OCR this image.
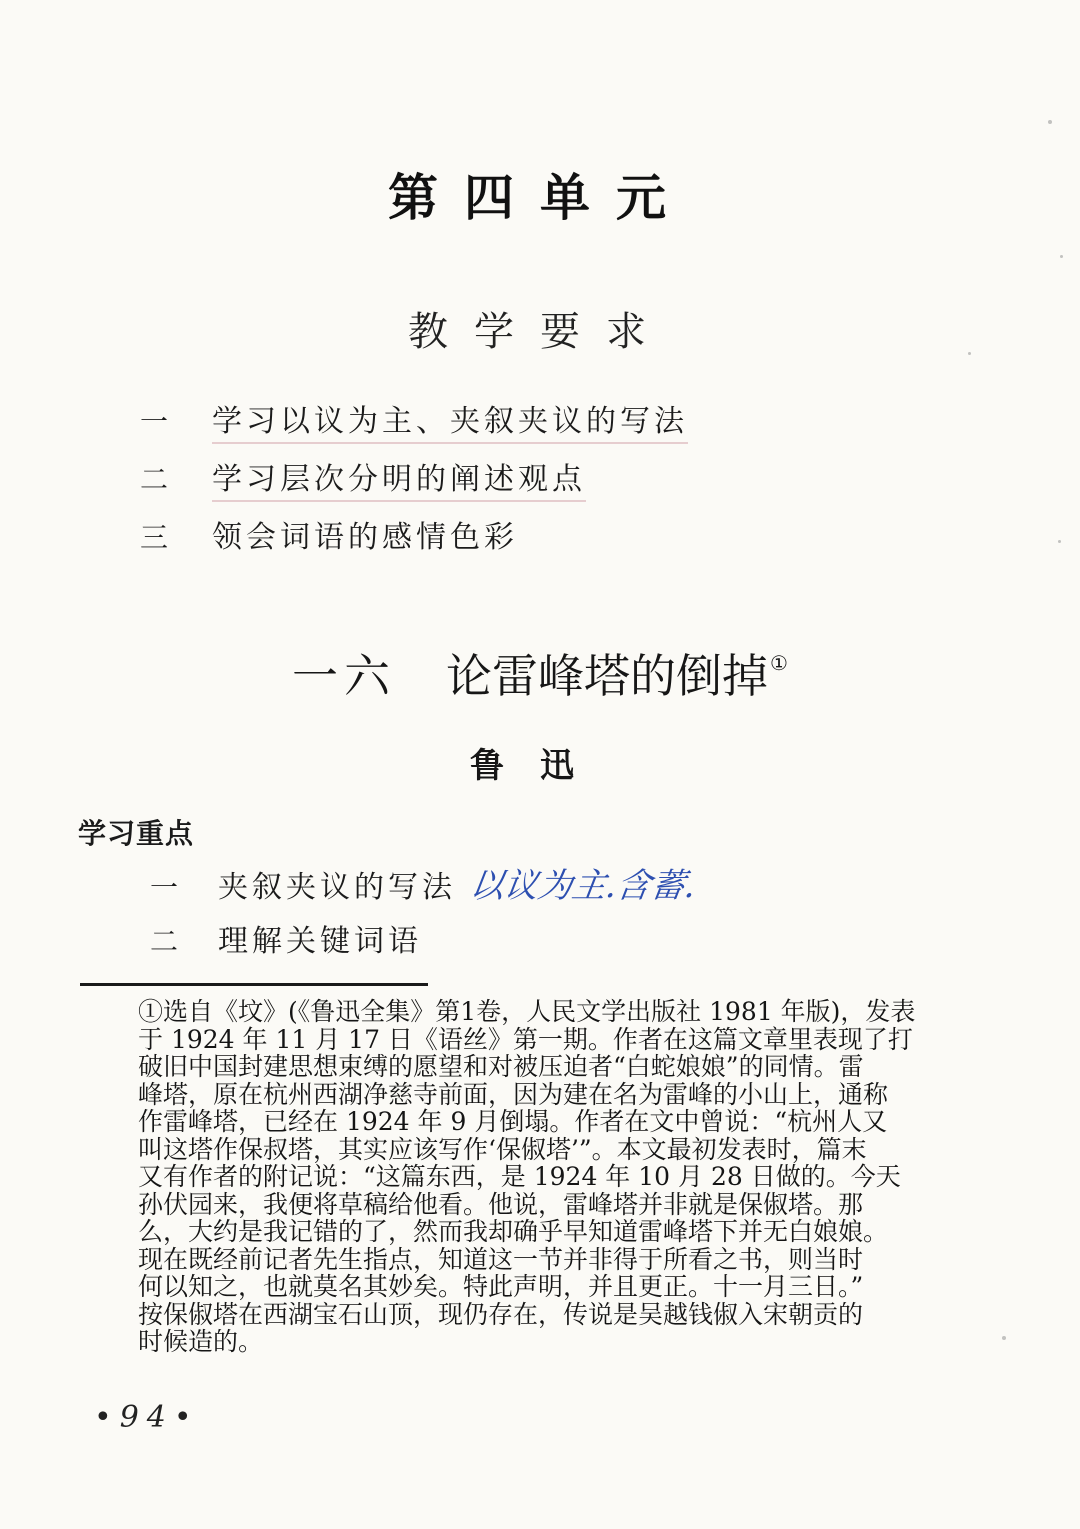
第四单元
教学要求
一 学习以议为主、夹叙夹议的写法
二 学习层次分明的阐述观点
三 领会词语的感情色彩
一六 论雷峰塔的倒掉 ①
鲁迅
学习重点
一 夹叙夹议的写法 以议为主.含蓄.
二 理解关键词语
①选自《坟》(《鲁迅全集》第1卷，人民文学出版社 1981 年版)，发表
于 1924 年 11 月 17 日《语丝》第一期。作者在这篇文章里表现了打
破旧中国封建思想束缚的愿望和对被压迫者“白蛇娘娘”的同情。雷
峰塔，原在杭州西湖净慈寺前面，因为建在名为雷峰的小山上，通称
作雷峰塔，已经在 1924 年 9 月倒塌。作者在文中曾说：“杭州人又
叫这塔作保叔塔，其实应该写作‘保俶塔’”。本文最初发表时，篇末
又有作者的附记说：“这篇东西，是 1924 年 10 月 28 日做的。今天
孙伏园来，我便将草稿给他看。他说，雷峰塔并非就是保俶塔。那
么，大约是我记错的了，然而我却确乎早知道雷峰塔下并无白娘娘。
现在既经前记者先生指点，知道这一节并非得于所看之书，则当时
何以知之，也就莫名其妙矣。特此声明，并且更正。十一月三日。”
按保俶塔在西湖宝石山顶，现仍存在，传说是吴越钱俶入宋朝贡的
时候造的。
•94•
